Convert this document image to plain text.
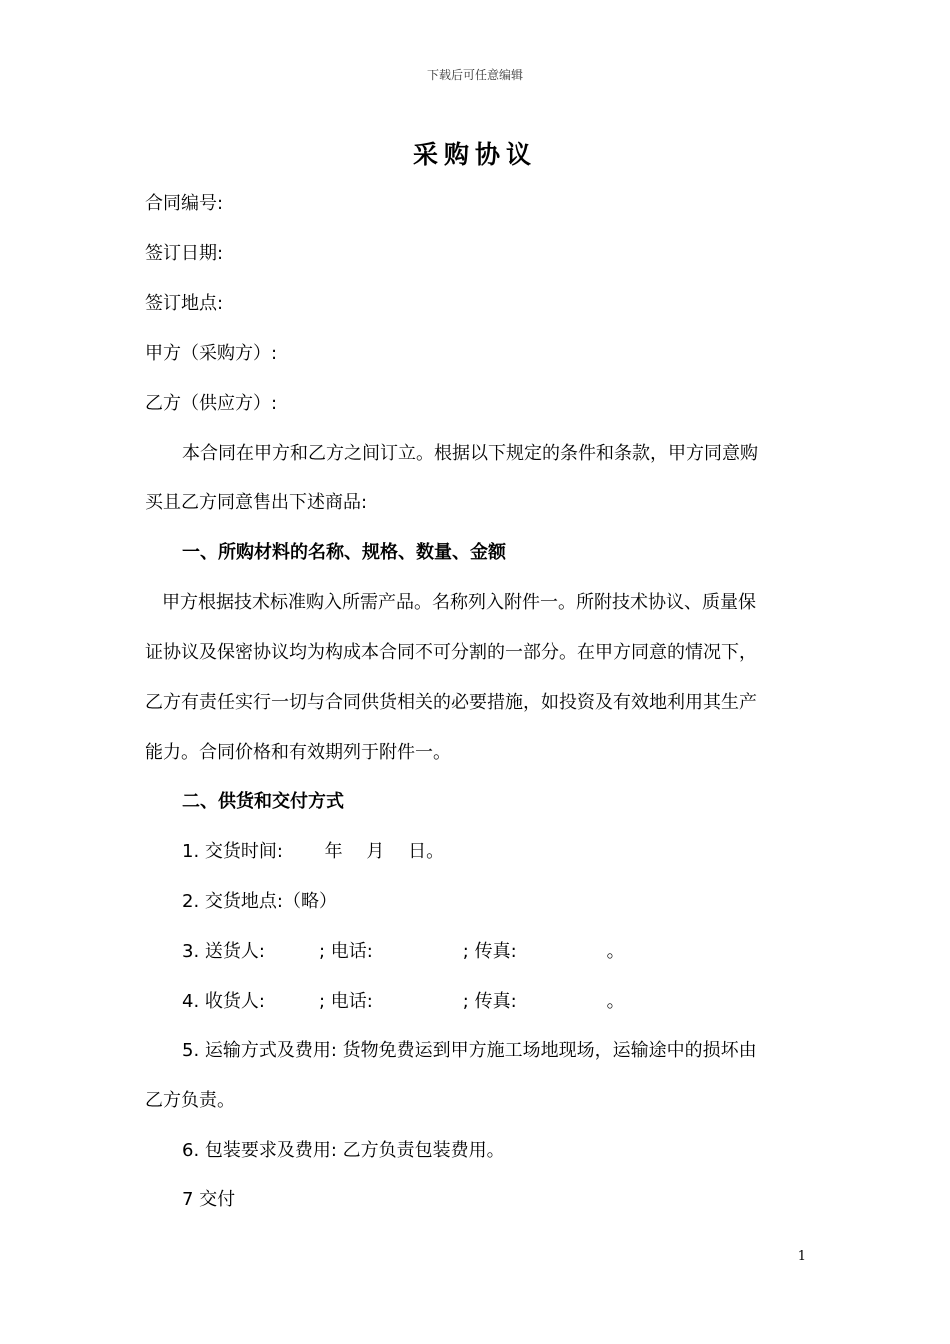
下载后可任意编辑
采购协议
合同编号:
签订日期:
签订地点:
甲方（采购方）:
乙方（供应方）:
本合同在甲方和乙方之间订立。根据以下规定的条件和条款，甲方同意购
买且乙方同意售出下述商品:
一、所购材料的名称、规格、数量、金额
甲方根据技术标准购入所需产品。名称列入附件一。所附技术协议、质量保
证协议及保密协议均为构成本合同不可分割的一部分。在甲方同意的情况下，
乙方有责任实行一切与合同供货相关的必要措施，如投资及有效地利用其生产
能力。合同价格和有效期列于附件一。
二、供货和交付方式
1. 交货时间:　　 年　 月　 日。
2. 交货地点:（略）
3. 送货人:　　　; 电话:　　　　　; 传真:　　　　　。
4. 收货人:　　　; 电话:　　　　　; 传真:　　　　　。
5. 运输方式及费用: 货物免费运到甲方施工场地现场，运输途中的损坏由
乙方负责。
6. 包装要求及费用: 乙方负责包装费用。
7 交付
1
